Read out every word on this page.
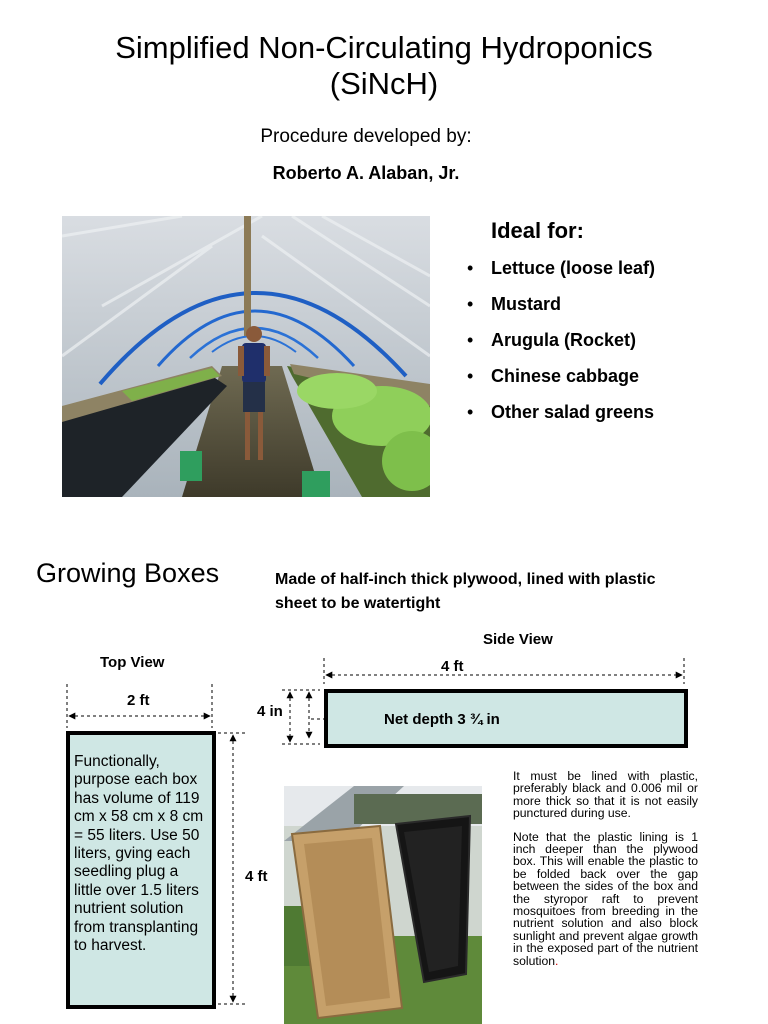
Simplified Non-Circulating Hydroponics
(SiNcH)
Procedure developed by:
Roberto A. Alaban, Jr.
Ideal for:
• Lettuce (loose leaf)
• Mustard
• Arugula (Rocket)
• Chinese cabbage
• Other salad greens
Growing Boxes	Made of half-inch thick plywood, lined with plastic sheet to be watertight
Top View
Side View
2 ft
4 ft
4 in
4 ft
Functionally, purpose each box has volume of 119 cm x 58 cm x 8 cm = 55 liters. Use 50 liters, gving each seedling plug a little over 1.5 liters nutrient solution from transplanting to harvest.
Net depth 3 ¾ in

It must be lined with plastic, preferably black and 0.006 mil or more thick so that it is not easily punctured during use.

Note that the plastic lining is 1 inch deeper than the plywood box. This will enable the plastic to be folded back over the gap between the sides of the box and the styropor raft to prevent mosquitoes from breeding in the nutrient solution and also block sunlight and prevent algae growth in the exposed part of the nutrient solution.
